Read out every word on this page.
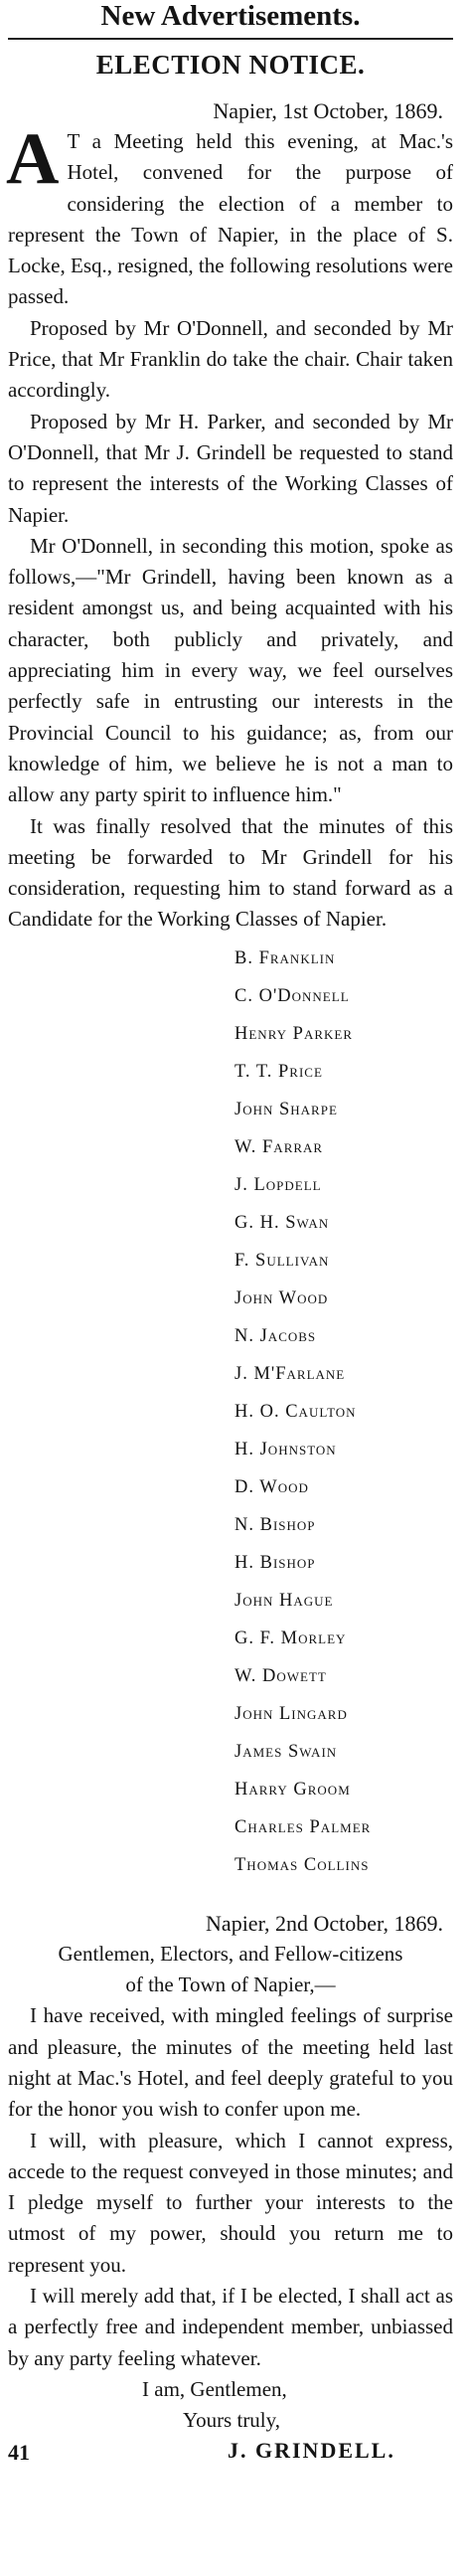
New Advertisements.
ELECTION NOTICE.
Napier, 1st October, 1869.

A T a Meeting held this evening, at Mac.'s Hotel, convened for the purpose of considering the election of a member to represent the Town of Napier, in the place of S. Locke, Esq., resigned, the following resolutions were passed.

Proposed by Mr O'Donnell, and seconded by Mr Price, that Mr Franklin do take the chair. Chair taken accordingly.

Proposed by Mr H. Parker, and seconded by Mr O'Donnell, that Mr J. Grindell be requested to stand to represent the interests of the Working Classes of Napier.

Mr O'Donnell, in seconding this motion, spoke as follows,—"Mr Grindell, having been known as a resident amongst us, and being acquainted with his character, both publicly and privately, and appreciating him in every way, we feel ourselves perfectly safe in entrusting our interests in the Provincial Council to his guidance; as, from our knowledge of him, we believe he is not a man to allow any party spirit to influence him."

It was finally resolved that the minutes of this meeting be forwarded to Mr Grindell for his consideration, requesting him to stand forward as a Candidate for the Working Classes of Napier.

B. Franklin
C. O'Donnell
Henry Parker
T. T. Price
John Sharpe
W. Farrar
J. Lopdell
G. H. Swan
F. Sullivan
John Wood
N. Jacobs
J. M'Farlane
H. O. Caulton
H. Johnston
D. Wood
N. Bishop
H. Bishop
John Hague
G. F. Morley
W. Dowett
John Lingard
James Swain
Harry Groom
Charles Palmer
Thomas Collins
Napier, 2nd October, 1869.
Gentlemen, Electors, and Fellow-citizens
of the Town of Napier,—

I have received, with mingled feelings of surprise and pleasure, the minutes of the meeting held last night at Mac.'s Hotel, and feel deeply grateful to you for the honor you wish to confer upon me.

I will, with pleasure, which I cannot express, accede to the request conveyed in those minutes; and I pledge myself to further your interests to the utmost of my power, should you return me to represent you.

I will merely add that, if I be elected, I shall act as a perfectly free and independent member, unbiassed by any party feeling whatever.

I am, Gentlemen,
Yours truly,
41	J. GRINDELL.
